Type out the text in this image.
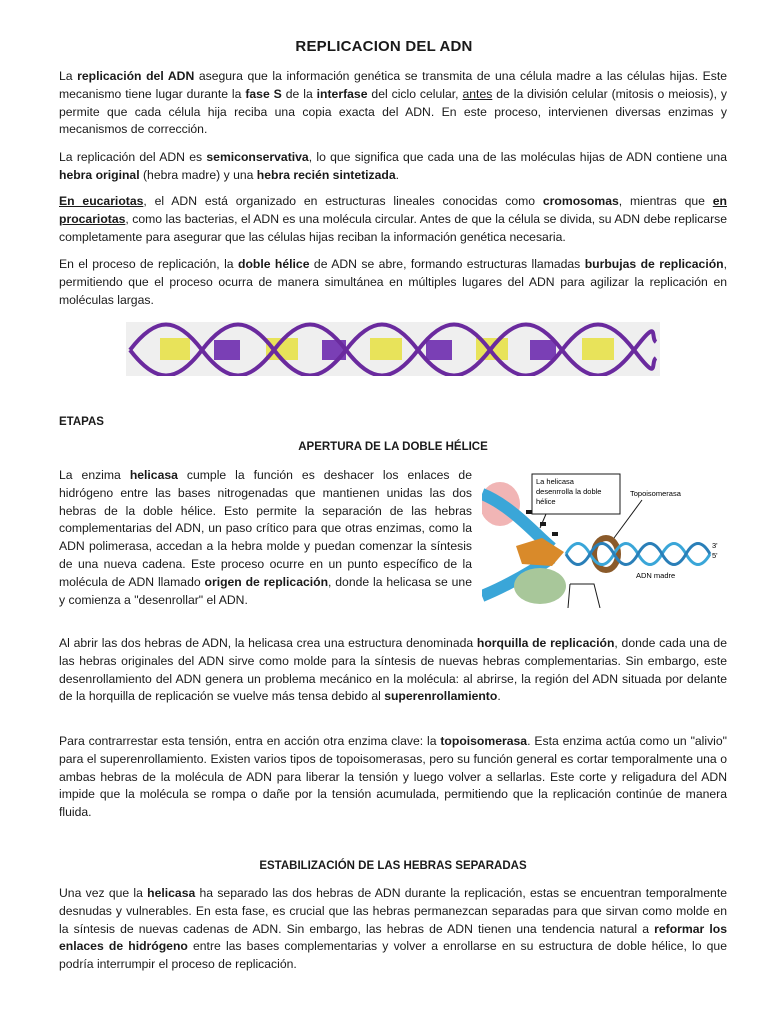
REPLICACION DEL ADN

La replicación del ADN asegura que la información genética se transmita de una célula madre a las células hijas. Este mecanismo tiene lugar durante la fase S de la interfase del ciclo celular, antes de la división celular (mitosis o meiosis), y permite que cada célula hija reciba una copia exacta del ADN. En este proceso, intervienen diversas enzimas y mecanismos de corrección.

La replicación del ADN es semiconservativa, lo que significa que cada una de las moléculas hijas de ADN contiene una hebra original (hebra madre) y una hebra recién sintetizada.

En eucariotas, el ADN está organizado en estructuras lineales conocidas como cromosomas, mientras que en procariotas, como las bacterias, el ADN es una molécula circular. Antes de que la célula se divida, su ADN debe replicarse completamente para asegurar que las células hijas reciban la información genética necesaria.

En el proceso de replicación, la doble hélice de ADN se abre, formando estructuras llamadas burbujas de replicación, permitiendo que el proceso ocurra de manera simultánea en múltiples lugares del ADN para agilizar la replicación en moléculas largas.

ETAPAS
APERTURA DE LA DOBLE HÉLICE

La enzima helicasa cumple la función es deshacer los enlaces de hidrógeno entre las bases nitrogenadas que mantienen unidas las dos hebras de la doble hélice. Esto permite la separación de las hebras complementarias del ADN, un paso crítico para que otras enzimas, como la ADN polimerasa, accedan a la hebra molde y puedan comenzar la síntesis de una nueva cadena. Este proceso ocurre en un punto específico de la molécula de ADN llamado origen de replicación, donde la helicasa se une y comienza a "desenrollar" el ADN.

La helicasa
desenrrolla la doble
hélice
Topoisomerasa
3'
5'
ADN madre

Al abrir las dos hebras de ADN, la helicasa crea una estructura denominada horquilla de replicación, donde cada una de las hebras originales del ADN sirve como molde para la síntesis de nuevas hebras complementarias. Sin embargo, este desenrollamiento del ADN genera un problema mecánico en la molécula: al abrirse, la región del ADN situada por delante de la horquilla de replicación se vuelve más tensa debido al superenrollamiento.

Para contrarrestar esta tensión, entra en acción otra enzima clave: la topoisomerasa. Esta enzima actúa como un "alivio" para el superenrollamiento. Existen varios tipos de topoisomerasas, pero su función general es cortar temporalmente una o ambas hebras de la molécula de ADN para liberar la tensión y luego volver a sellarlas. Este corte y religadura del ADN impide que la molécula se rompa o dañe por la tensión acumulada, permitiendo que la replicación continúe de manera fluida.

ESTABILIZACIÓN DE LAS HEBRAS SEPARADAS

Una vez que la helicasa ha separado las dos hebras de ADN durante la replicación, estas se encuentran temporalmente desnudas y vulnerables. En esta fase, es crucial que las hebras permanezcan separadas para que sirvan como molde en la síntesis de nuevas cadenas de ADN. Sin embargo, las hebras de ADN tienen una tendencia natural a reformar los enlaces de hidrógeno entre las bases complementarias y volver a enrollarse en su estructura de doble hélice, lo que podría interrumpir el proceso de replicación.
